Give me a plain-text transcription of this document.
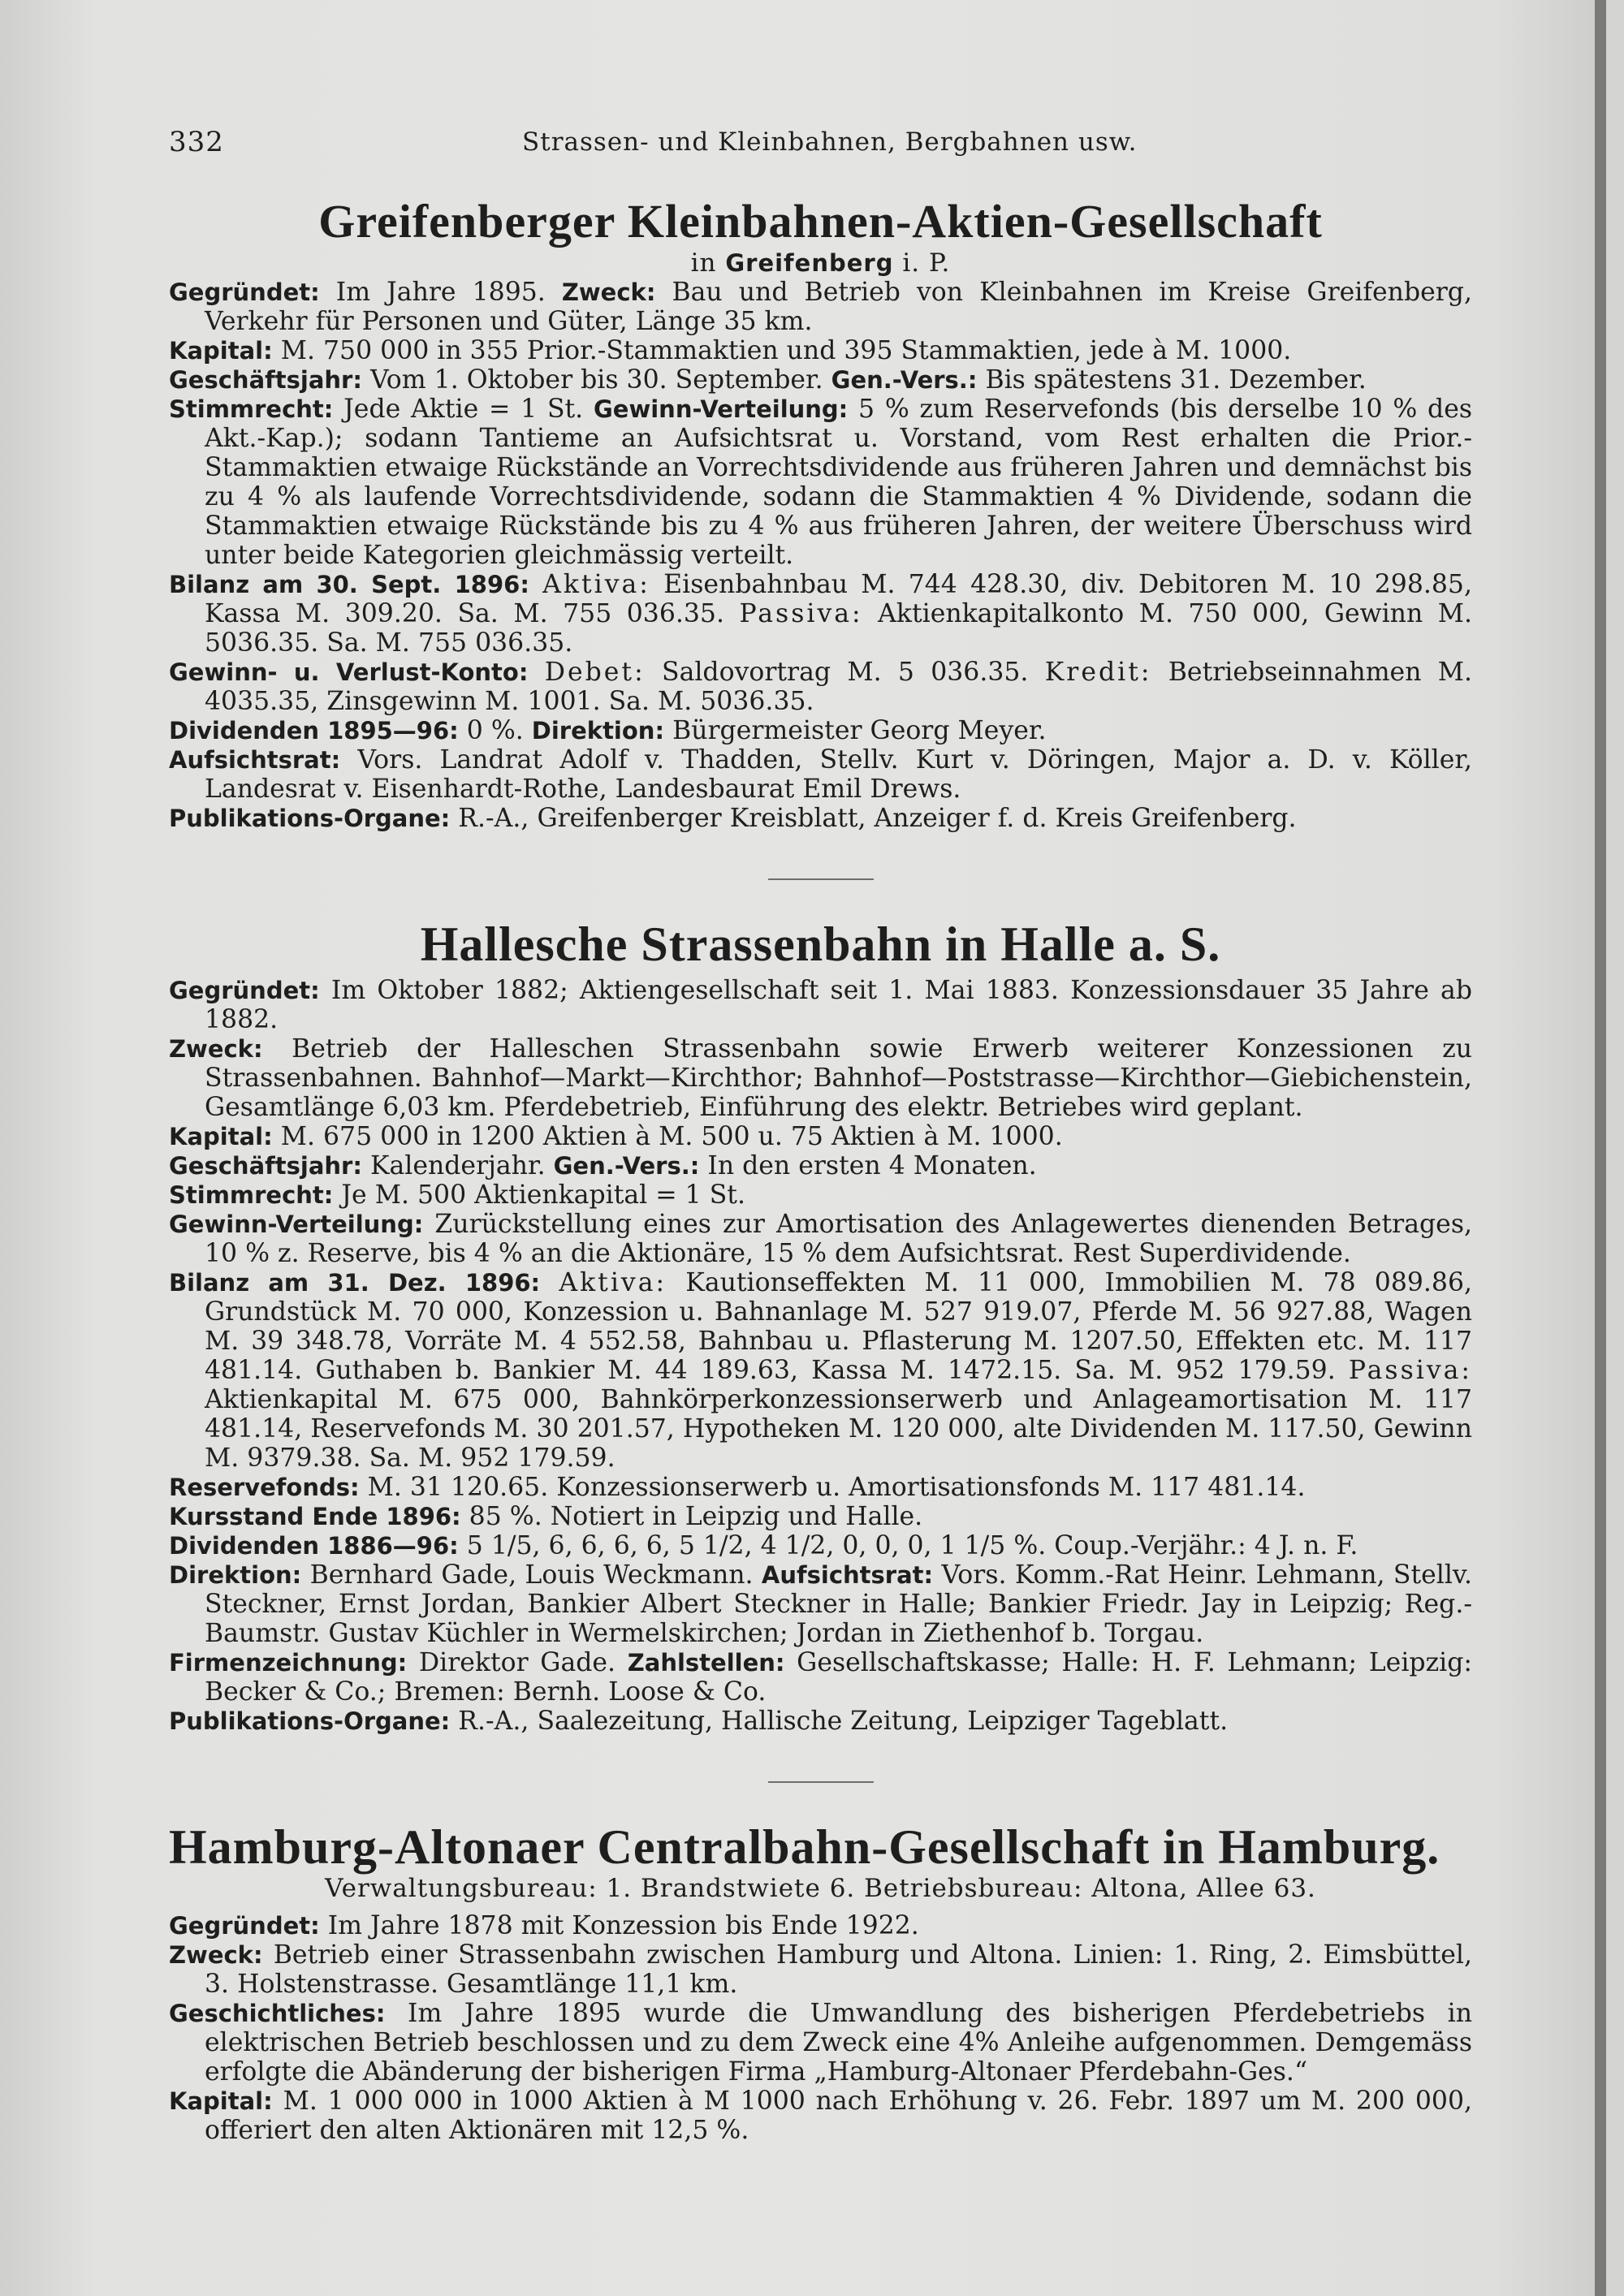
332	Strassen- und Kleinbahnen, Bergbahnen usw.
Greifenberger Kleinbahnen-Aktien-Gesellschaft
in Greifenberg i. P.

Gegründet: Im Jahre 1895. Zweck: Bau und Betrieb von Kleinbahnen im Kreise Greifenberg, Verkehr für Personen und Güter, Länge 35 km.

Kapital: M. 750 000 in 355 Prior.-Stammaktien und 395 Stammaktien, jede à M. 1000.

Geschäftsjahr: Vom 1. Oktober bis 30. September. Gen.-Vers.: Bis spätestens 31. Dezember.

Stimmrecht: Jede Aktie = 1 St. Gewinn-Verteilung: 5 % zum Reservefonds (bis derselbe 10 % des Akt.-Kap.); sodann Tantieme an Aufsichtsrat u. Vorstand, vom Rest erhalten die Prior.-Stammaktien etwaige Rückstände an Vorrechtsdividende aus früheren Jahren und demnächst bis zu 4 % als laufende Vorrechtsdividende, sodann die Stammaktien 4 % Dividende, sodann die Stammaktien etwaige Rückstände bis zu 4 % aus früheren Jahren, der weitere Überschuss wird unter beide Kategorien gleichmässig verteilt.

Bilanz am 30. Sept. 1896: Aktiva: Eisenbahnbau M. 744 428.30, div. Debitoren M. 10 298.85, Kassa M. 309.20. Sa. M. 755 036.35. Passiva: Aktienkapitalkonto M. 750 000, Gewinn M. 5036.35. Sa. M. 755 036.35.

Gewinn- u. Verlust-Konto: Debet: Saldovortrag M. 5 036.35. Kredit: Betriebseinnahmen M. 4035.35, Zinsgewinn M. 1001. Sa. M. 5036.35.

Dividenden 1895—96: 0 %. Direktion: Bürgermeister Georg Meyer.

Aufsichtsrat: Vors. Landrat Adolf v. Thadden, Stellv. Kurt v. Döringen, Major a. D. v. Köller, Landesrat v. Eisenhardt-Rothe, Landesbaurat Emil Drews.

Publikations-Organe: R.-A., Greifenberger Kreisblatt, Anzeiger f. d. Kreis Greifenberg.

Hallesche Strassenbahn in Halle a. S.

Gegründet: Im Oktober 1882; Aktiengesellschaft seit 1. Mai 1883. Konzessionsdauer 35 Jahre ab 1882.

Zweck: Betrieb der Halleschen Strassenbahn sowie Erwerb weiterer Konzessionen zu Strassenbahnen. Bahnhof—Markt—Kirchthor; Bahnhof—Poststrasse—Kirchthor—Giebichenstein, Gesamtlänge 6,03 km. Pferdebetrieb, Einführung des elektr. Betriebes wird geplant.

Kapital: M. 675 000 in 1200 Aktien à M. 500 u. 75 Aktien à M. 1000.

Geschäftsjahr: Kalenderjahr. Gen.-Vers.: In den ersten 4 Monaten.

Stimmrecht: Je M. 500 Aktienkapital = 1 St.

Gewinn-Verteilung: Zurückstellung eines zur Amortisation des Anlagewertes dienenden Betrages, 10 % z. Reserve, bis 4 % an die Aktionäre, 15 % dem Aufsichtsrat. Rest Superdividende.

Bilanz am 31. Dez. 1896: Aktiva: Kautionseffekten M. 11 000, Immobilien M. 78 089.86, Grundstück M. 70 000, Konzession u. Bahnanlage M. 527 919.07, Pferde M. 56 927.88, Wagen M. 39 348.78, Vorräte M. 4 552.58, Bahnbau u. Pflasterung M. 1207.50, Effekten etc. M. 117 481.14. Guthaben b. Bankier M. 44 189.63, Kassa M. 1472.15. Sa. M. 952 179.59. Passiva: Aktienkapital M. 675 000, Bahnkörperkonzessionserwerb und Anlageamortisation M. 117 481.14, Reservefonds M. 30 201.57, Hypotheken M. 120 000, alte Dividenden M. 117.50, Gewinn M. 9379.38. Sa. M. 952 179.59.

Reservefonds: M. 31 120.65. Konzessionserwerb u. Amortisationsfonds M. 117 481.14.

Kursstand Ende 1896: 85 %. Notiert in Leipzig und Halle.

Dividenden 1886—96: 5 1/5, 6, 6, 6, 6, 5 1/2, 4 1/2, 0, 0, 0, 1 1/5 %. Coup.-Verjähr.: 4 J. n. F.

Direktion: Bernhard Gade, Louis Weckmann. Aufsichtsrat: Vors. Komm.-Rat Heinr. Lehmann, Stellv. Steckner, Ernst Jordan, Bankier Albert Steckner in Halle; Bankier Friedr. Jay in Leipzig; Reg.-Baumstr. Gustav Küchler in Wermelskirchen; Jordan in Ziethenhof b. Torgau.

Firmenzeichnung: Direktor Gade. Zahlstellen: Gesellschaftskasse; Halle: H. F. Lehmann; Leipzig: Becker & Co.; Bremen: Bernh. Loose & Co.

Publikations-Organe: R.-A., Saalezeitung, Hallische Zeitung, Leipziger Tageblatt.

Hamburg-Altonaer Centralbahn-Gesellschaft in Hamburg.
Verwaltungsbureau: 1. Brandstwiete 6. Betriebsbureau: Altona, Allee 63.

Gegründet: Im Jahre 1878 mit Konzession bis Ende 1922.

Zweck: Betrieb einer Strassenbahn zwischen Hamburg und Altona. Linien: 1. Ring, 2. Eimsbüttel, 3. Holstenstrasse. Gesamtlänge 11,1 km.

Geschichtliches: Im Jahre 1895 wurde die Umwandlung des bisherigen Pferdebetriebs in elektrischen Betrieb beschlossen und zu dem Zweck eine 4% Anleihe aufgenommen. Demgemäss erfolgte die Abänderung der bisherigen Firma „Hamburg-Altonaer Pferdebahn-Ges.“

Kapital: M. 1 000 000 in 1000 Aktien à M 1000 nach Erhöhung v. 26. Febr. 1897 um M. 200 000, offeriert den alten Aktionären mit 12,5 %.
